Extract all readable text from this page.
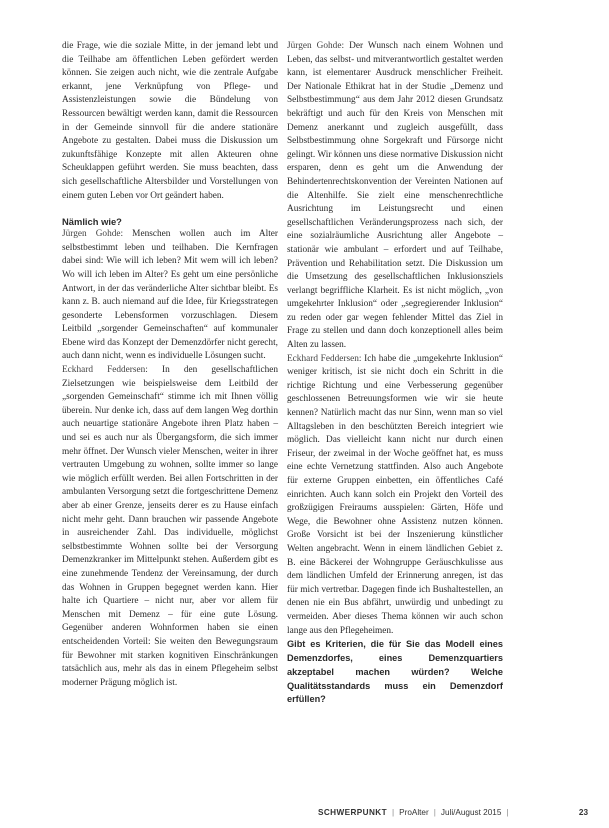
die Frage, wie die soziale Mitte, in der jemand lebt und die Teilhabe am öffentlichen Leben gefördert werden können. Sie zeigen auch nicht, wie die zentrale Aufgabe erkannt, jene Verknüpfung von Pflege- und Assistenzleistungen sowie die Bündelung von Ressourcen bewältigt werden kann, damit die Ressourcen in der Gemeinde sinnvoll für die andere stationäre Angebote zu gestalten. Dabei muss die Diskussion um zukunftsfähige Konzepte mit allen Akteuren ohne Scheuklappen geführt werden. Sie muss beachten, dass sich gesellschaftliche Altersbilder und Vorstellungen von einem guten Leben vor Ort geändert haben.

Nämlich wie?

Jürgen Gohde: Menschen wollen auch im Alter selbstbestimmt leben und teilhaben. Die Kernfragen dabei sind: Wie will ich leben? Mit wem will ich leben? Wo will ich leben im Alter? Es geht um eine persönliche Antwort, in der das veränderliche Alter sichtbar bleibt. Es kann z. B. auch niemand auf die Idee, für Kriegsstrategen gesonderte Lebensformen vorzuschlagen. Diesem Leitbild „sorgender Gemeinschaften“ auf kommunaler Ebene wird das Konzept der Demenzdörfer nicht gerecht, auch dann nicht, wenn es individuelle Lösungen sucht.

Eckhard Feddersen: In den gesellschaftlichen Zielsetzungen wie beispielsweise dem Leitbild der „sorgenden Gemeinschaft“ stimme ich mit Ihnen völlig überein. Nur denke ich, dass auf dem langen Weg dorthin auch neuartige stationäre Angebote ihren Platz haben – und sei es auch nur als Übergangsform, die sich immer mehr öffnet. Der Wunsch vieler Menschen, weiter in ihrer vertrauten Umgebung zu wohnen, sollte immer so lange wie möglich erfüllt werden. Bei allen Fortschritten in der ambulanten Versorgung setzt die fortgeschrittene Demenz aber ab einer Grenze, jenseits derer es zu Hause einfach nicht mehr geht. Dann brauchen wir passende Angebote in ausreichender Zahl. Das individuelle, möglichst selbstbestimmte Wohnen sollte bei der Versorgung Demenzkranker im Mittelpunkt stehen. Außerdem gibt es eine zunehmende Tendenz der Vereinsamung, der durch das Wohnen in Gruppen begegnet werden kann. Hier halte ich Quartiere – nicht nur, aber vor allem für Menschen mit Demenz – für eine gute Lösung. Gegenüber anderen Wohnformen haben sie einen entscheidenden Vorteil: Sie weiten den Bewegungsraum für Bewohner mit starken kognitiven Einschränkungen tatsächlich aus, mehr als das in einem Pflegeheim selbst moderner Prägung möglich ist.

Jürgen Gohde: Der Wunsch nach einem Wohnen und Leben, das selbst- und mitverantwortlich gestaltet werden kann, ist elementarer Ausdruck menschlicher Freiheit. Der Nationale Ethikrat hat in der Studie „Demenz und Selbstbestimmung“ aus dem Jahr 2012 diesen Grundsatz bekräftigt und auch für den Kreis von Menschen mit Demenz anerkannt und zugleich ausgefüllt, dass Selbstbestimmung ohne Sorgekraft und Fürsorge nicht gelingt. Wir können uns diese normative Diskussion nicht ersparen, denn es geht um die Anwendung der Behindertenrechtskonvention der Vereinten Nationen auf die Altenhilfe. Sie zielt eine menschenrechtliche Ausrichtung im Leistungsrecht und einen gesellschaftlichen Veränderungsprozess nach sich, der eine sozialräumliche Ausrichtung aller Angebote – stationär wie ambulant – erfordert und auf Teilhabe, Prävention und Rehabilitation setzt. Die Diskussion um die Umsetzung des gesellschaftlichen Inklusionsziels verlangt begriffliche Klarheit. Es ist nicht möglich, „von umgekehrter Inklusion“ oder „segregierender Inklusion“ zu reden oder gar wegen fehlender Mittel das Ziel in Frage zu stellen und dann doch konzeptionell alles beim Alten zu lassen.

Eckhard Feddersen: Ich habe die „umgekehrte Inklusion“ weniger kritisch, ist sie nicht doch ein Schritt in die richtige Richtung und eine Verbesserung gegenüber geschlossenen Betreuungsformen wie wir sie heute kennen? Natürlich macht das nur Sinn, wenn man so viel Alltagsleben in den beschützten Bereich integriert wie möglich. Das vielleicht kann nicht nur durch einen Friseur, der zweimal in der Woche geöffnet hat, es muss eine echte Vernetzung stattfinden. Also auch Angebote für externe Gruppen einbetten, ein öffentliches Café einrichten. Auch kann solch ein Projekt den Vorteil des großzügigen Freiraums ausspielen: Gärten, Höfe und Wege, die Bewohner ohne Assistenz nutzen können. Große Vorsicht ist bei der Inszenierung künstlicher Welten angebracht. Wenn in einem ländlichen Gebiet z. B. eine Bäckerei der Wohngruppe Geräuschkulisse aus dem ländlichen Umfeld der Erinnerung anregen, ist das für mich vertretbar. Dagegen finde ich Bushaltestellen, an denen nie ein Bus abfährt, unwürdig und unbedingt zu vermeiden. Aber dieses Thema können wir auch schon lange aus den Pflegeheimen.

Gibt es Kriterien, die für Sie das Modell eines Demenzdorfes, eines Demenzquartiers akzeptabel machen würden? Welche Qualitätsstandards muss ein Demenzdorf erfüllen?

SCHWERPUNKT | ProAlter | Juli/August 2015 |	23
